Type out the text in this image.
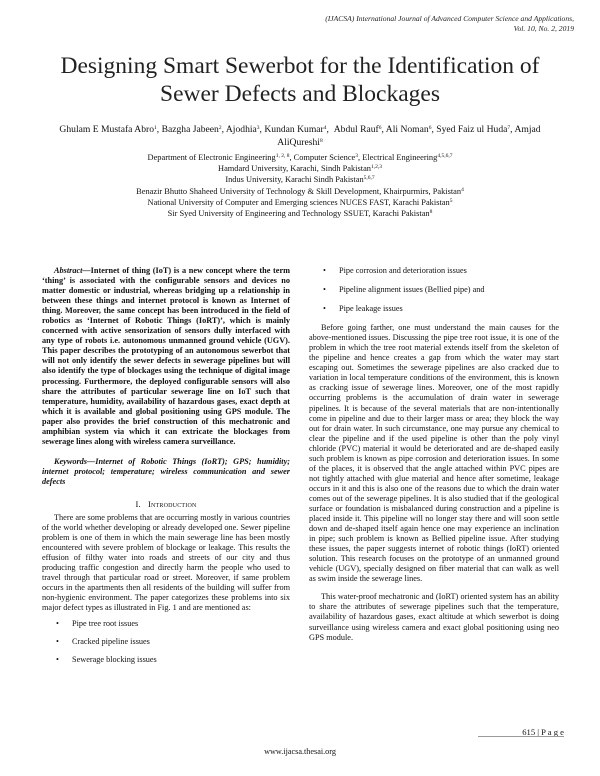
(IJACSA) International Journal of Advanced Computer Science and Applications,
Vol. 10, No. 2, 2019
Designing Smart Sewerbot for the Identification of
Sewer Defects and Blockages
Ghulam E Mustafa Abro$^1$, Bazgha Jabeen$^2$, Ajodhia$^3$, Kundan Kumar$^4$,  Abdul Rauf$^6$, Ali Noman$^6$, Syed Faiz ul Huda$^7$, Amjad AliQureshi$^8$
Department of Electronic Engineering$^{1, 2, 8}$, Computer Science$^3$, Electrical Engineering$^{4,5,6,7}$
Hamdard University, Karachi, Sindh Pakistan$^{1,2,3}$
Indus University, Karachi Sindh Pakistan$^{5,6,7}$
Benazir Bhutto Shaheed University of Technology & Skill Development, Khairpurmirs, Pakistan$^4$
National University of Computer and Emerging sciences NUCES FAST, Karachi Pakistan$^5$
Sir Syed University of Engineering and Technology SSUET, Karachi Pakistan$^8$

Abstract—Internet of thing (IoT) is a new concept where the term ‘thing’ is associated with the configurable sensors and devices no matter domestic or industrial, whereas bridging up a relationship in between these things and internet protocol is known as Internet of thing. Moreover, the same concept has been introduced in the field of robotics as ‘Internet of Robotic Things (IoRT)’, which is mainly concerned with active sensorization of sensors dully interfaced with any type of robots i.e. autonomous unmanned ground vehicle (UGV). This paper describes the prototyping of an autonomous sewerbot that will not only identify the sewer defects in sewerage pipelines but will also identify the type of blockages using the technique of digital image processing. Furthermore, the deployed configurable sensors will also share the attributes of particular sewerage line on IoT such that temperature, humidity, availability of hazardous gases, exact depth at which it is available and global positioning using GPS module. The paper also provides the brief construction of this mechatronic and amphibian system via which it can extricate the blockages from sewerage lines along with wireless camera surveillance.

Keywords—Internet of Robotic Things (IoRT); GPS; humidity; internet protocol; temperature; wireless communication and sewer defects

I. Introduction

There are some problems that are occurring mostly in various countries of the world whether developing or already developed one. Sewer pipeline problem is one of them in which the main sewerage line has been mostly encountered with severe problem of blockage or leakage. This results the effusion of filthy water into roads and streets of our city and thus producing traffic congestion and directly harm the people who used to travel through that particular road or street. Moreover, if same problem occurs in the apartments then all residents of the building will suffer from non-hygienic environment. The paper categorizes these problems into six major defect types as illustrated in Fig. 1 and are mentioned as:

• Pipe tree root issues
• Cracked pipeline issues
• Sewerage blocking issues
• Pipe corrosion and deterioration issues
• Pipeline alignment issues (Bellied pipe) and
• Pipe leakage issues

Before going farther, one must understand the main causes for the above-mentioned issues. Discussing the pipe tree root issue, it is one of the problem in which the tree root material extends itself from the skeleton of the pipeline and hence creates a gap from which the water may start escaping out. Sometimes the sewerage pipelines are also cracked due to variation in local temperature conditions of the environment, this is known as cracking issue of sewerage lines. Moreover, one of the most rapidly occurring problems is the accumulation of drain water in sewerage pipelines. It is because of the several materials that are non-intentionally come in pipeline and due to their larger mass or area; they block the way out for drain water. In such circumstance, one may pursue any chemical to clear the pipeline and if the used pipeline is other than the poly vinyl chloride (PVC) material it would be deteriorated and are de-shaped easily such problem is known as pipe corrosion and deterioration issues. In some of the places, it is observed that the angle attached within PVC pipes are not tightly attached with glue material and hence after sometime, leakage occurs in it and this is also one of the reasons due to which the drain water comes out of the sewerage pipelines. It is also studied that if the geological surface or foundation is misbalanced during construction and a pipeline is placed inside it. This pipeline will no longer stay there and will soon settle down and de-shaped itself again hence one may experience an inclination in pipe; such problem is known as Bellied pipeline issue. After studying these issues, the paper suggests internet of robotic things (IoRT) oriented solution. This research focuses on the prototype of an unmanned ground vehicle (UGV), specially designed on fiber material that can walk as well as swim inside the sewerage lines.

This water-proof mechatronic and (IoRT) oriented system has an ability to share the attributes of sewerage pipelines such that the temperature, availability of hazardous gases, exact altitude at which sewerbot is doing surveillance using wireless camera and exact global positioning using neo GPS module.

615 | P a g e
www.ijacsa.thesai.org
